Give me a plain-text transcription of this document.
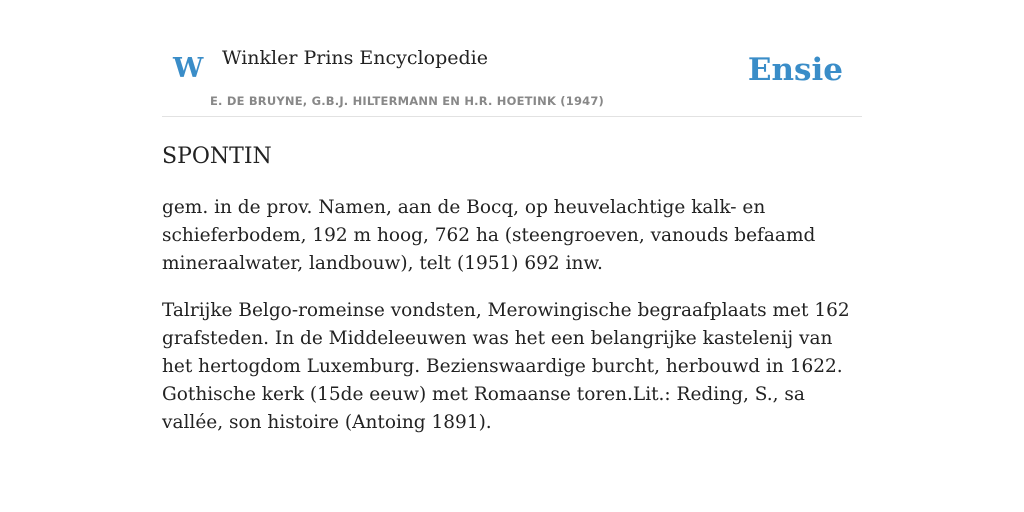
W Winkler Prins Encyclopedie
E. DE BRUYNE, G.B.J. HILTERMANN EN H.R. HOETINK (1947)
Ensie
SPONTIN

gem. in de prov. Namen, aan de Bocq, op heuvelachtige kalk- en schieferbodem, 192 m hoog, 762 ha (steengroeven, vanouds befaamd mineraalwater, landbouw), telt (1951) 692 inw.

Talrijke Belgo-romeinse vondsten, Merowingische begraafplaats met 162 grafsteden. In de Middeleeuwen was het een belangrijke kastelenij van het hertogdom Luxemburg. Bezienswaardige burcht, herbouwd in 1622. Gothische kerk (15de eeuw) met Romaanse toren.Lit.: Reding, S., sa vallée, son histoire (Antoing 1891).
